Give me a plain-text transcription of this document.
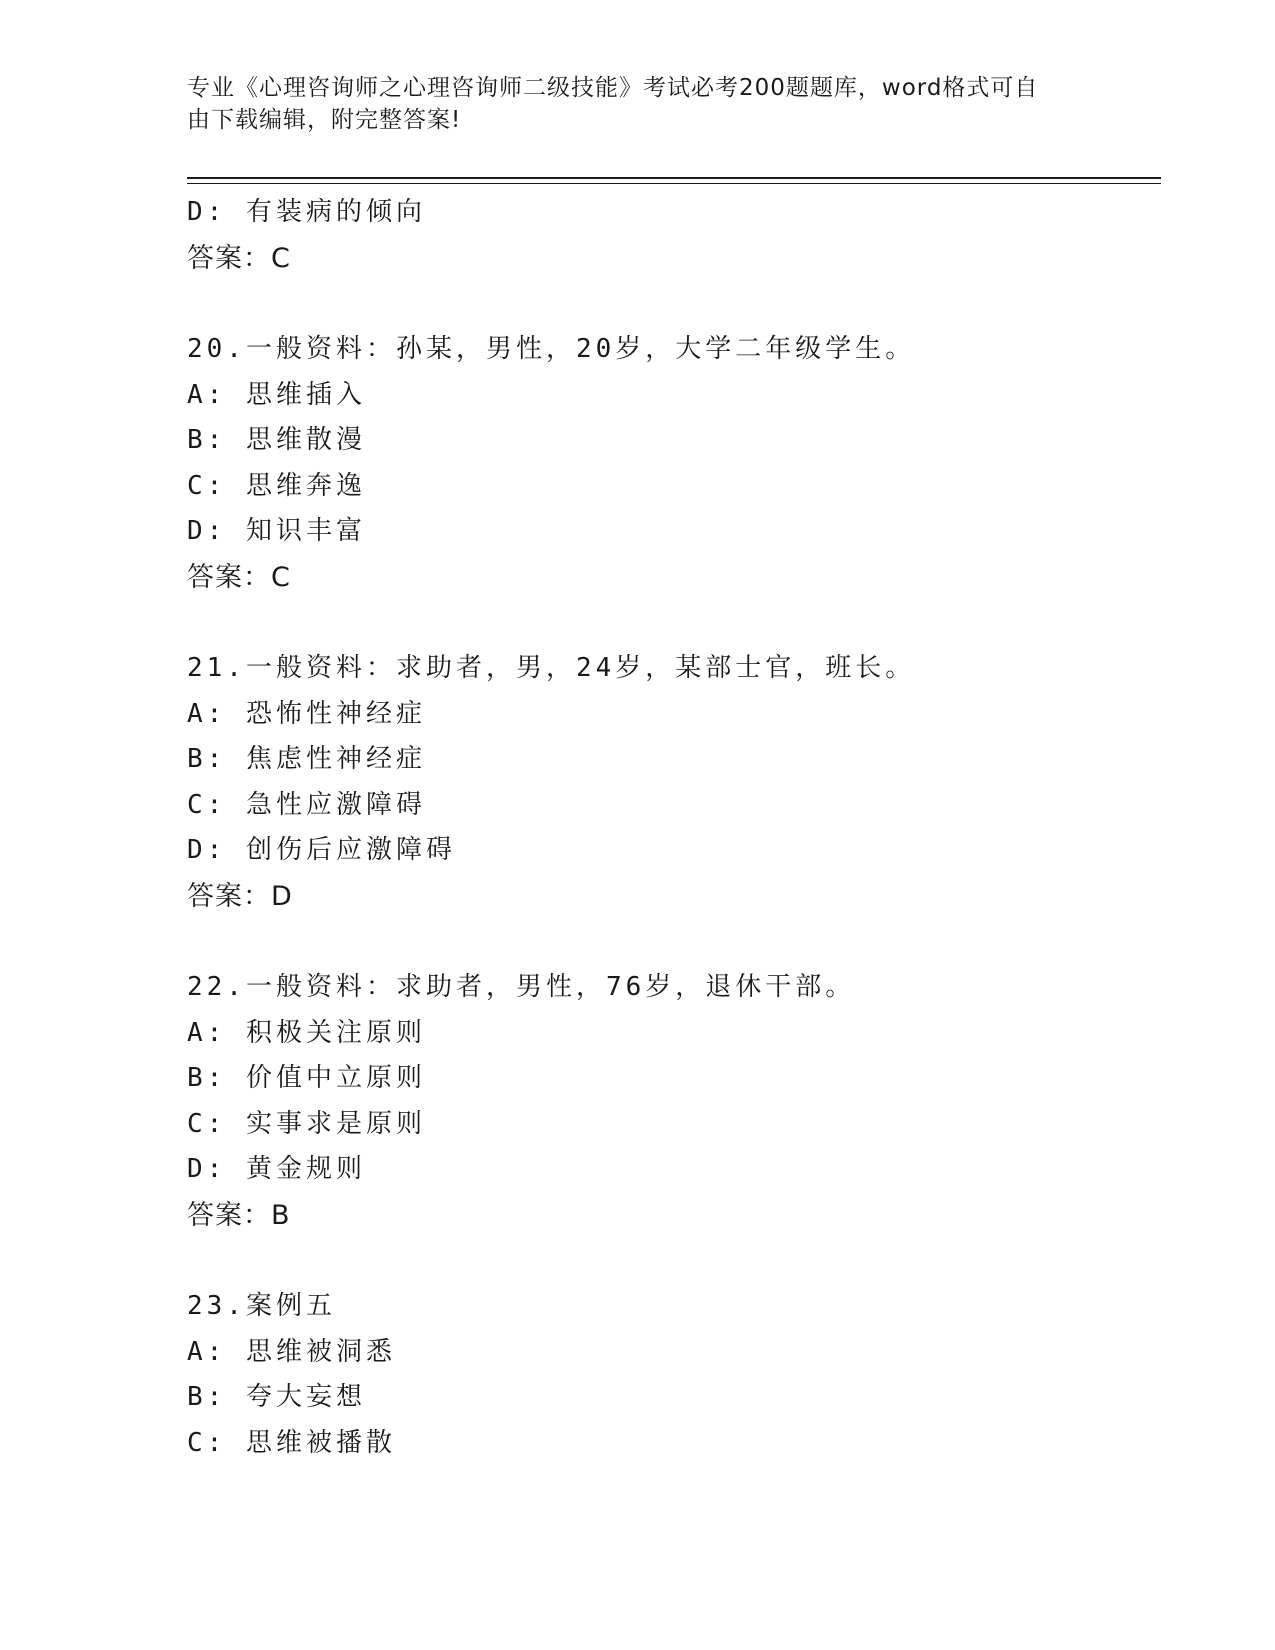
专业《心理咨询师之心理咨询师二级技能》考试必考200题题库，word格式可自
由下载编辑，附完整答案!
D: 有装病的倾向
答案：C
20.一般资料：孙某，男性，20岁，大学二年级学生。
A: 思维插入
B: 思维散漫
C: 思维奔逸
D: 知识丰富
答案：C
21.一般资料：求助者，男，24岁，某部士官，班长。
A: 恐怖性神经症
B: 焦虑性神经症
C: 急性应激障碍
D: 创伤后应激障碍
答案：D
22.一般资料：求助者，男性，76岁，退休干部。
A: 积极关注原则
B: 价值中立原则
C: 实事求是原则
D: 黄金规则
答案：B
23.案例五
A: 思维被洞悉
B: 夸大妄想
C: 思维被播散
